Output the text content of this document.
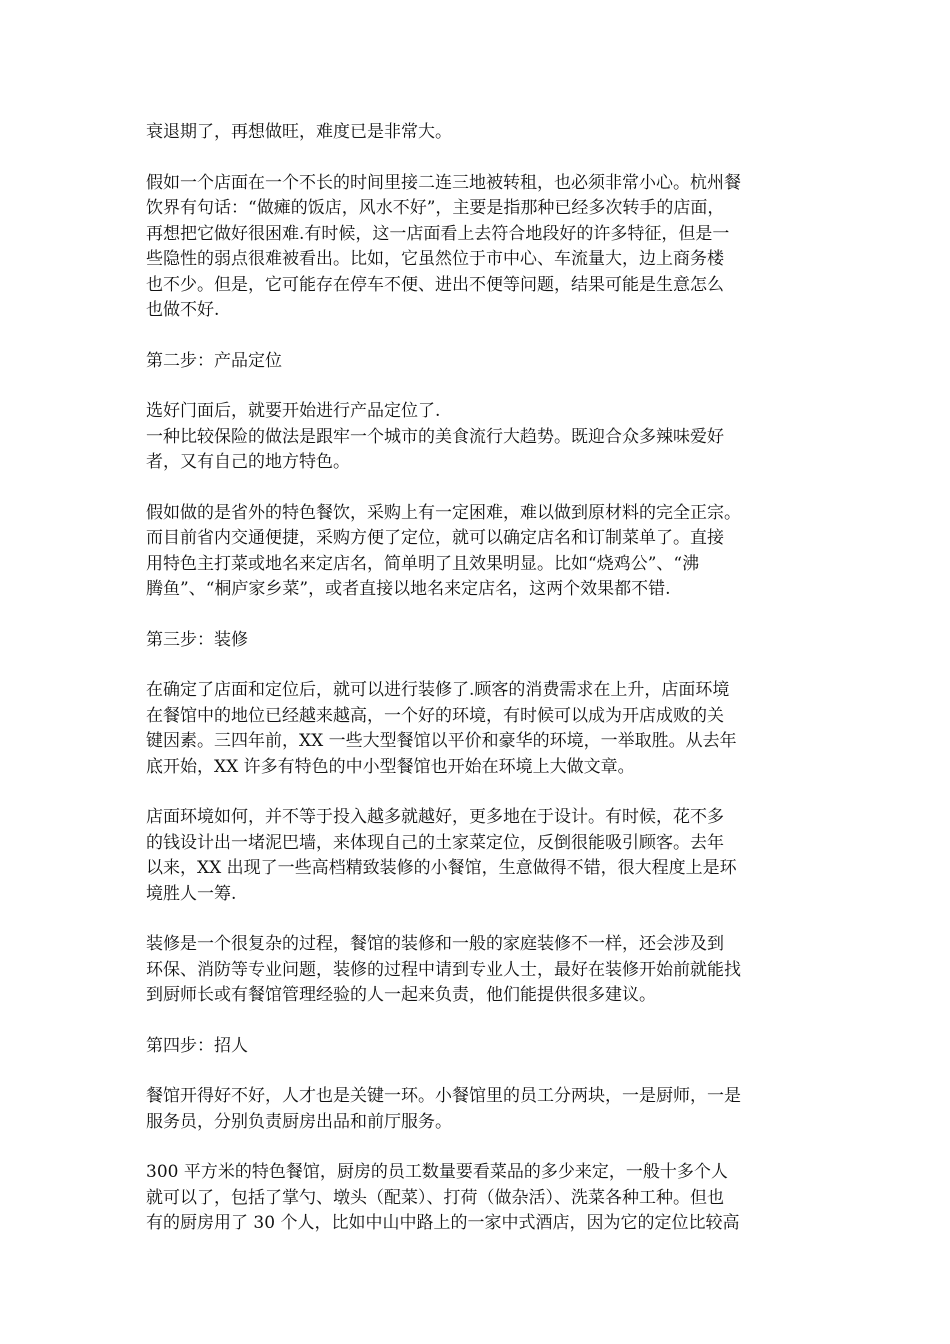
衰退期了，再想做旺，难度已是非常大。
假如一个店面在一个不长的时间里接二连三地被转租，也必须非常小心。杭州餐
饮界有句话：“做瘫的饭店，风水不好”，主要是指那种已经多次转手的店面，
再想把它做好很困难.有时候，这一店面看上去符合地段好的许多特征，但是一
些隐性的弱点很难被看出。比如，它虽然位于市中心、车流量大，边上商务楼
也不少。但是，它可能存在停车不便、进出不便等问题，结果可能是生意怎么
也做不好.
第二步：产品定位
选好门面后，就要开始进行产品定位了.
一种比较保险的做法是跟牢一个城市的美食流行大趋势。既迎合众多辣味爱好
者，又有自己的地方特色。
假如做的是省外的特色餐饮，采购上有一定困难，难以做到原材料的完全正宗。
而目前省内交通便捷，采购方便了定位，就可以确定店名和订制菜单了。直接
用特色主打菜或地名来定店名，简单明了且效果明显。比如“烧鸡公”、“沸
腾鱼”、“桐庐家乡菜”，或者直接以地名来定店名，这两个效果都不错.
第三步：装修
在确定了店面和定位后，就可以进行装修了.顾客的消费需求在上升，店面环境
在餐馆中的地位已经越来越高，一个好的环境，有时候可以成为开店成败的关
键因素。三四年前，XX 一些大型餐馆以平价和豪华的环境，一举取胜。从去年
底开始，XX 许多有特色的中小型餐馆也开始在环境上大做文章。
店面环境如何，并不等于投入越多就越好，更多地在于设计。有时候，花不多
的钱设计出一堵泥巴墙，来体现自己的土家菜定位，反倒很能吸引顾客。去年
以来，XX 出现了一些高档精致装修的小餐馆，生意做得不错，很大程度上是环
境胜人一筹.
装修是一个很复杂的过程，餐馆的装修和一般的家庭装修不一样，还会涉及到
环保、消防等专业问题，装修的过程中请到专业人士，最好在装修开始前就能找
到厨师长或有餐馆管理经验的人一起来负责，他们能提供很多建议。
第四步：招人
餐馆开得好不好，人才也是关键一环。小餐馆里的员工分两块，一是厨师，一是
服务员，分别负责厨房出品和前厅服务。
300 平方米的特色餐馆，厨房的员工数量要看菜品的多少来定，一般十多个人
就可以了，包括了掌勺、墩头（配菜）、打荷（做杂活）、洗菜各种工种。但也
有的厨房用了 30 个人，比如中山中路上的一家中式酒店，因为它的定位比较高
